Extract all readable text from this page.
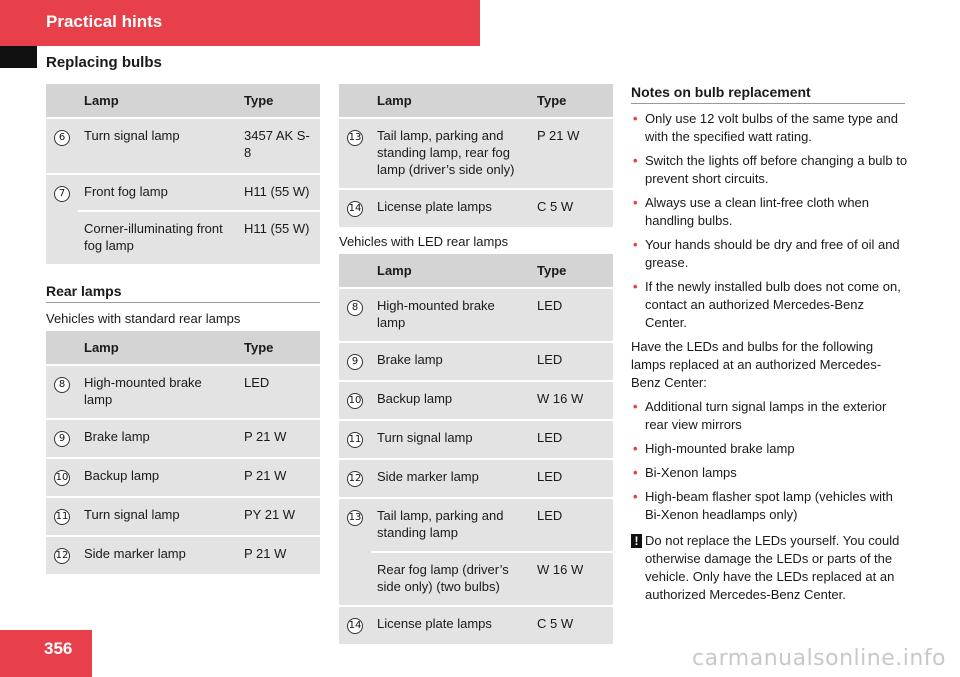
Practical hints
Replacing bulbs
	Lamp	Type
6	Turn signal lamp	3457 AK S-8
7	Front fog lamp	H11 (55 W)
	Corner-illuminating front fog lamp	H11 (55 W)
Rear lamps
Vehicles with standard rear lamps
	Lamp	Type
8	High-mounted brake lamp	LED
9	Brake lamp	P 21 W
10	Backup lamp	P 21 W
11	Turn signal lamp	PY 21 W
12	Side marker lamp	P 21 W
	Lamp	Type
13	Tail lamp, parking and standing lamp, rear fog lamp (driver’s side only)	P 21 W
14	License plate lamps	C 5 W
Vehicles with LED rear lamps
	Lamp	Type
8	High-mounted brake lamp	LED
9	Brake lamp	LED
10	Backup lamp	W 16 W
11	Turn signal lamp	LED
12	Side marker lamp	LED
13	Tail lamp, parking and standing lamp	LED
	Rear fog lamp (driver’s side only) (two bulbs)	W 16 W
14	License plate lamps	C 5 W
Notes on bulb replacement
• Only use 12 volt bulbs of the same type and with the specified watt rating.
• Switch the lights off before changing a bulb to prevent short circuits.
• Always use a clean lint-free cloth when handling bulbs.
• Your hands should be dry and free of oil and grease.
• If the newly installed bulb does not come on, contact an authorized Mercedes-Benz Center.

Have the LEDs and bulbs for the following lamps replaced at an authorized Mercedes-Benz Center:

• Additional turn signal lamps in the exterior rear view mirrors
• High-mounted brake lamp
• Bi-Xenon lamps
• High-beam flasher spot lamp (vehicles with Bi-Xenon headlamps only)
! Do not replace the LEDs yourself. You could otherwise damage the LEDs or parts of the vehicle. Only have the LEDs replaced at an authorized Mercedes-Benz Center.
356	carmanualsonline.info
